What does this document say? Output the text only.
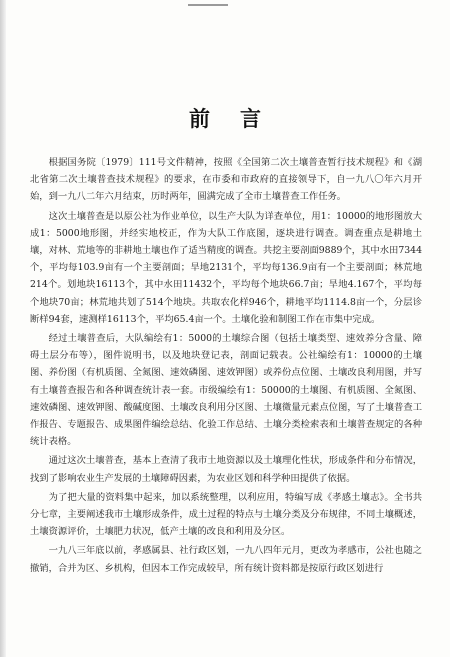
前言

根据国务院〔1979〕111号文件精神，按照《全国第二次土壤普查暂行技术规程》和《湖北省第二次土壤普查技术规程》的要求，在市委和市政府的直接领导下，自一九八〇年六月开始，到一九八二年六月结束，历时两年，圆满完成了全市土壤普查工作任务。

这次土壤普查是以原公社为作业单位，以生产大队为详查单位，用1：10000的地形图放大成1：5000地形图，并经实地校正，作为大队工作底图，逐块进行调查。调查重点是耕地土壤，对林、荒地等的非耕地土壤也作了适当精度的调查。共挖主要剖面9889个，其中水田7344个，平均每103.9亩有一个主要剖面；旱地2131个，平均每136.9亩有一个主要剖面；林荒地214个。划地块16113个，其中水田11432个，平均每个地块66.7亩；旱地4.167个，平均每个地块70亩；林荒地共划了514个地块。共取农化样946个，耕地平均1114.8亩一个，分层诊断样94套，速测样16113个，平均65.4亩一个。土壤化验和制图工作在市集中完成。

经过土壤普查后，大队编绘有1：5000的土壤综合图（包括土壤类型、速效养分含量、障碍土层分布等），图件说明书，以及地块登记表，剖面记载表。公社编绘有1：10000的土壤图、养份图（有机质图、全氮图、速效磷图、速效钾图）或养份点位图、土壤改良利用图，并写有土壤普查报告和各种调查统计表一套。市级编绘有1：50000的土壤图、有机质图、全氮图、速效磷图、速效钾图、酸碱度图、土壤改良利用分区图、土壤微量元素点位图，写了土壤普查工作报告、专题报告、成果图件编绘总结、化验工作总结、土壤分类检索表和土壤普查规定的各种统计表格。

通过这次土壤普查，基本上查清了我市土地资源以及土壤理化性状，形成条件和分布情况，找到了影响农业生产发展的土壤障碍因素，为农业区划和科学种田提供了依据。

为了把大量的资料集中起来，加以系统整理，以利应用，特编写成《孝感土壤志》。全书共分七章，主要阐述我市土壤形成条件，成土过程的特点与土壤分类及分布规律，不同土壤概述，土壤资源评价，土壤肥力状况，低产土壤的改良和利用及分区。

一九八三年底以前，孝感属县、社行政区划，一九八四年元月，更改为孝感市，公社也随之撤销，合并为区、乡机构，但因本工作完成较早，所有统计资料都是按原行政区划进行
